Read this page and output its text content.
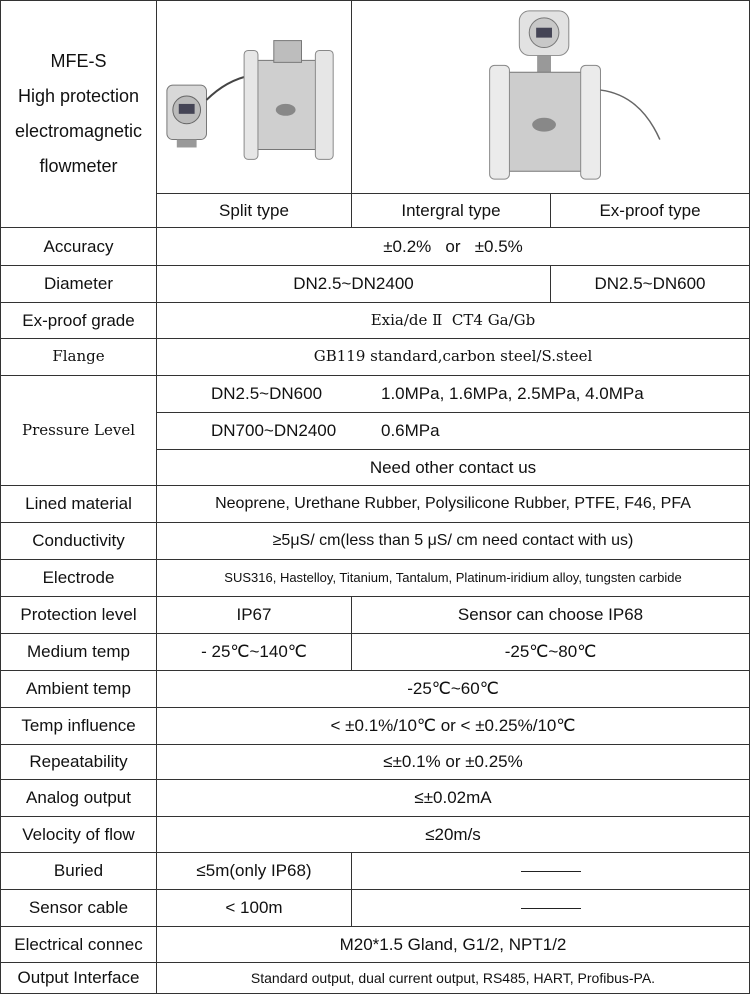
MFE-S
High protection
electromagnetic
flowmeter
Split type	Intergral type	Ex-proof type
Accuracy	±0.2%   or   ±0.5%
Diameter	DN2.5~DN2400	DN2.5~DN600
Ex-proof grade	Exia/de Ⅱ  CT4 Ga/Gb
Flange	GB119 standard,carbon steel/S.steel
Pressure Level
DN2.5~DN600	1.0MPa, 1.6MPa, 2.5MPa, 4.0MPa
DN700~DN2400	0.6MPa
Need other contact us
Lined material	Neoprene, Urethane Rubber, Polysilicone Rubber, PTFE, F46, PFA
Conductivity	≥5μS/ cm(less than 5 μS/ cm need contact with us)
Electrode	SUS316, Hastelloy, Titanium, Tantalum, Platinum-iridium alloy, tungsten carbide
Protection level	IP67	Sensor can choose IP68
Medium temp	- 25℃~140℃	-25℃~80℃
Ambient temp	-25℃~60℃
Temp influence	< ±0.1%/10℃ or < ±0.25%/10℃
Repeatability	≤±0.1% or ±0.25%
Analog output	≤±0.02mA
Velocity of flow	≤20m/s
Buried	≤5m(only IP68)
Sensor cable	< 100m
Electrical connec	M20*1.5 Gland, G1/2, NPT1/2
Output Interface	Standard output, dual current output, RS485, HART, Profibus-PA.
